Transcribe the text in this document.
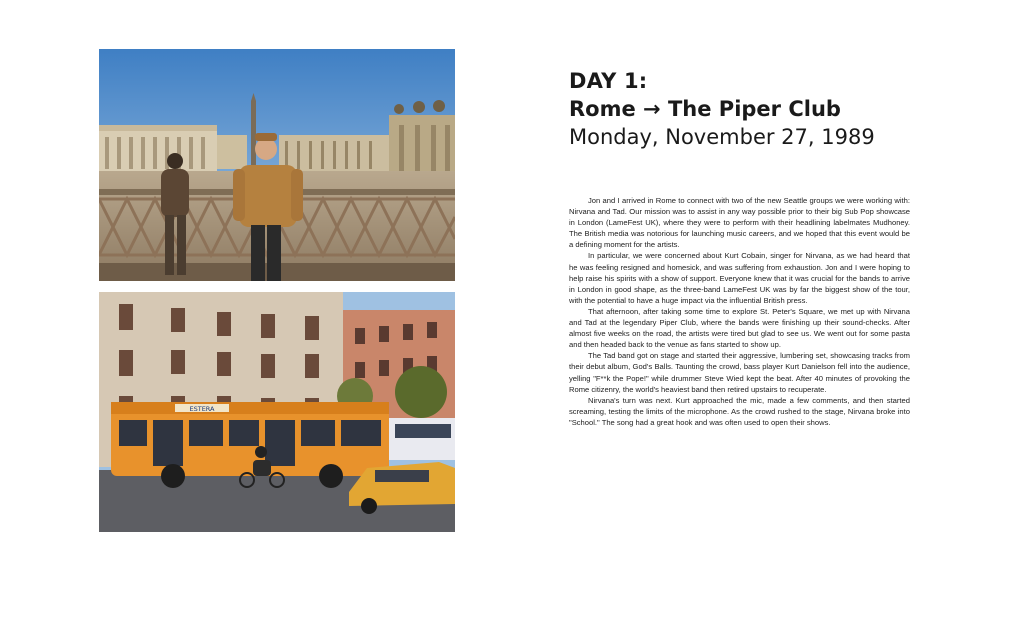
ESTERA
DAY 1:
Rome → The Piper Club
Monday, November 27, 1989

Jon and I arrived in Rome to connect with two of the new Seattle groups we were working with: Nirvana and Tad. Our mission was to assist in any way possible prior to their big Sub Pop showcase in London (LameFest UK), where they were to perform with their headlining labelmates Mudhoney. The British media was notorious for launching music careers, and we hoped that this event would be a defining moment for the artists.

In particular, we were concerned about Kurt Cobain, singer for Nirvana, as we had heard that he was feeling resigned and homesick, and was suffering from exhaustion. Jon and I were hoping to help raise his spirits with a show of support. Everyone knew that it was crucial for the bands to arrive in London in good shape, as the three-band LameFest UK was by far the biggest show of the tour, with the potential to have a huge impact via the influential British press.

That afternoon, after taking some time to explore St. Peter's Square, we met up with Nirvana and Tad at the legendary Piper Club, where the bands were finishing up their sound-checks. After almost five weeks on the road, the artists were tired but glad to see us. We went out for some pasta and then headed back to the venue as fans started to show up.

The Tad band got on stage and started their aggressive, lumbering set, showcasing tracks from their debut album, God's Balls. Taunting the crowd, bass player Kurt Danielson fell into the audience, yelling "F**k the Pope!" while drummer Steve Wied kept the beat. After 40 minutes of provoking the Rome citizenry, the world's heaviest band then retired upstairs to recuperate.

Nirvana's turn was next. Kurt approached the mic, made a few comments, and then started screaming, testing the limits of the microphone. As the crowd rushed to the stage, Nirvana broke into "School." The song had a great hook and was often used to open their shows.
